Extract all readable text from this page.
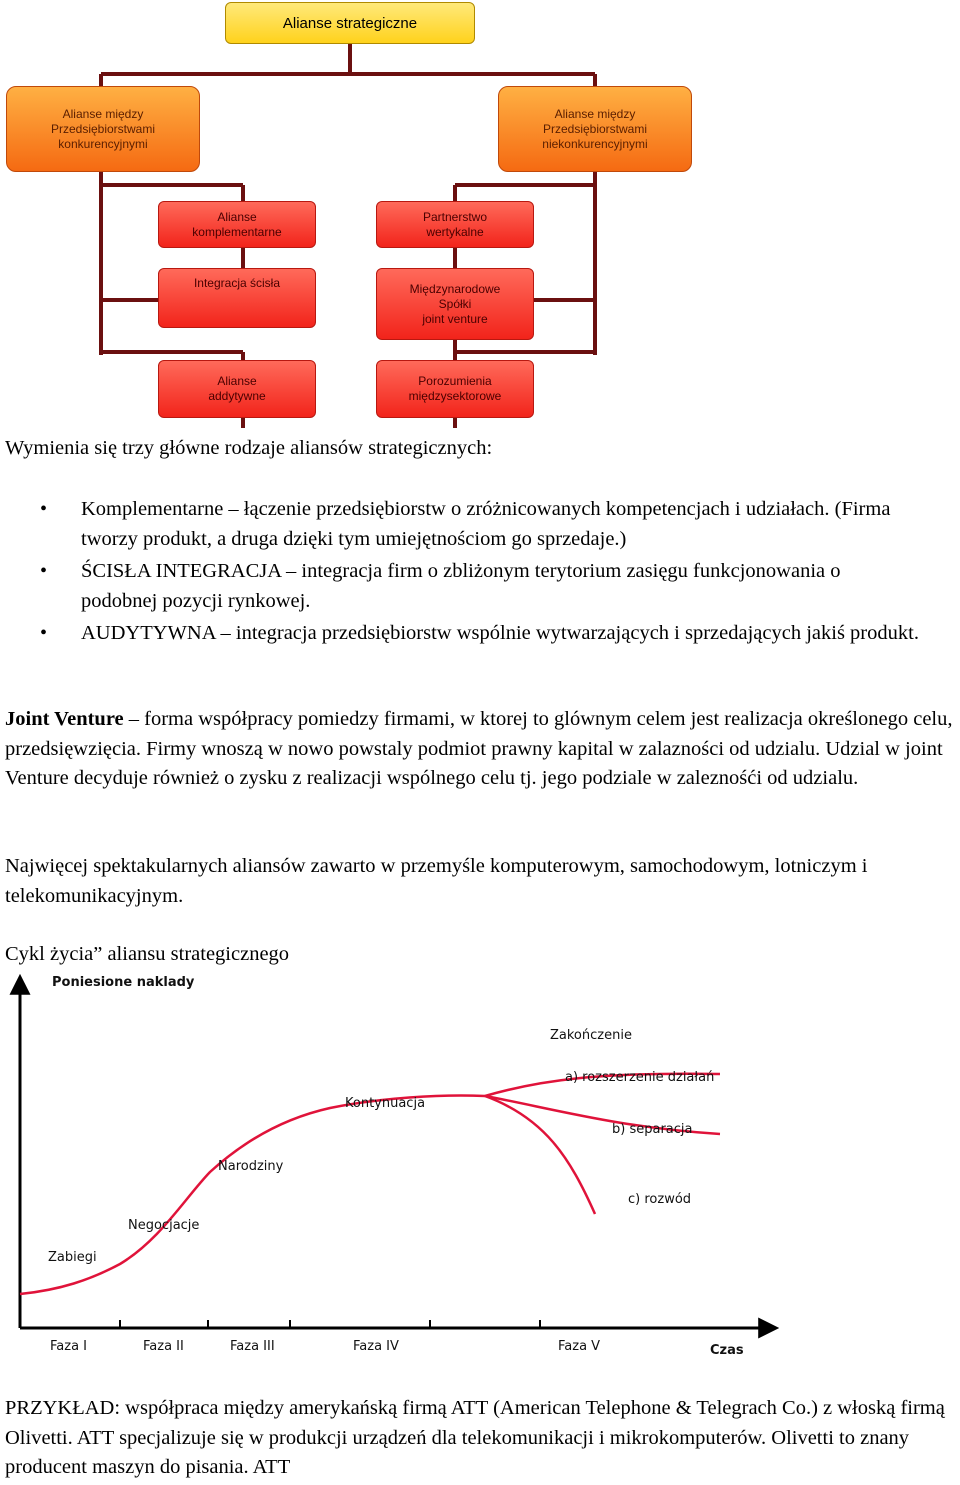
Alianse strategiczne
Alianse między
Przedsiębiorstwami
konkurencyjnymi
Alianse między
Przedsiębiorstwami
niekonkurencyjnymi
Alianse
komplementarne
Integracja ścisła
Alianse
addytywne
Partnerstwo
wertykalne
Międzynarodowe
Spółki
joint venture
Porozumienia
międzysektorowe

Wymienia się trzy główne rodzaje aliansów strategicznych:

• Komplementarne – łączenie przedsiębiorstw o zróżnicowanych kompetencjach i udziałach. (Firma tworzy produkt, a druga dzięki tym umiejętnościom go sprzedaje.)
• ŚCISŁA INTEGRACJA – integracja firm o zbliżonym terytorium zasięgu funkcjonowania o podobnej pozycji rynkowej.
• AUDYTYWNA – integracja przedsiębiorstw wspólnie wytwarzających i sprzedających jakiś produkt.

Joint Venture – forma współpracy pomiedzy firmami, w ktorej to glównym celem jest realizacja określonego celu, przedsięwzięcia. Firmy wnoszą w nowo powstaly podmiot prawny kapital w zalazności od udzialu. Udzial w joint Venture decyduje również o zysku z realizacji wspólnego celu tj. jego podziale w zaleznośći od udzialu.

Najwięcej spektakularnych aliansów zawarto w przemyśle komputerowym, samochodowym, lotniczym i telekomunikacyjnym.

Cykl życia” aliansu strategicznego

Poniesione naklady
Czas
Faza I	Faza II	Faza III	Faza IV	Faza V
Zabiegi
Negocjacje
Narodziny
Kontynuacja
Zakończenie
a) rozszerzenie działań
b) separacja
c) rozwód

PRZYKŁAD: współpraca między amerykańską firmą ATT (American Telephone & Telegrach Co.) z włoską firmą Olivetti. ATT specjalizuje się w produkcji urządzeń dla telekomunikacji i mikrokomputerów. Olivetti to znany producent maszyn do pisania. ATT
